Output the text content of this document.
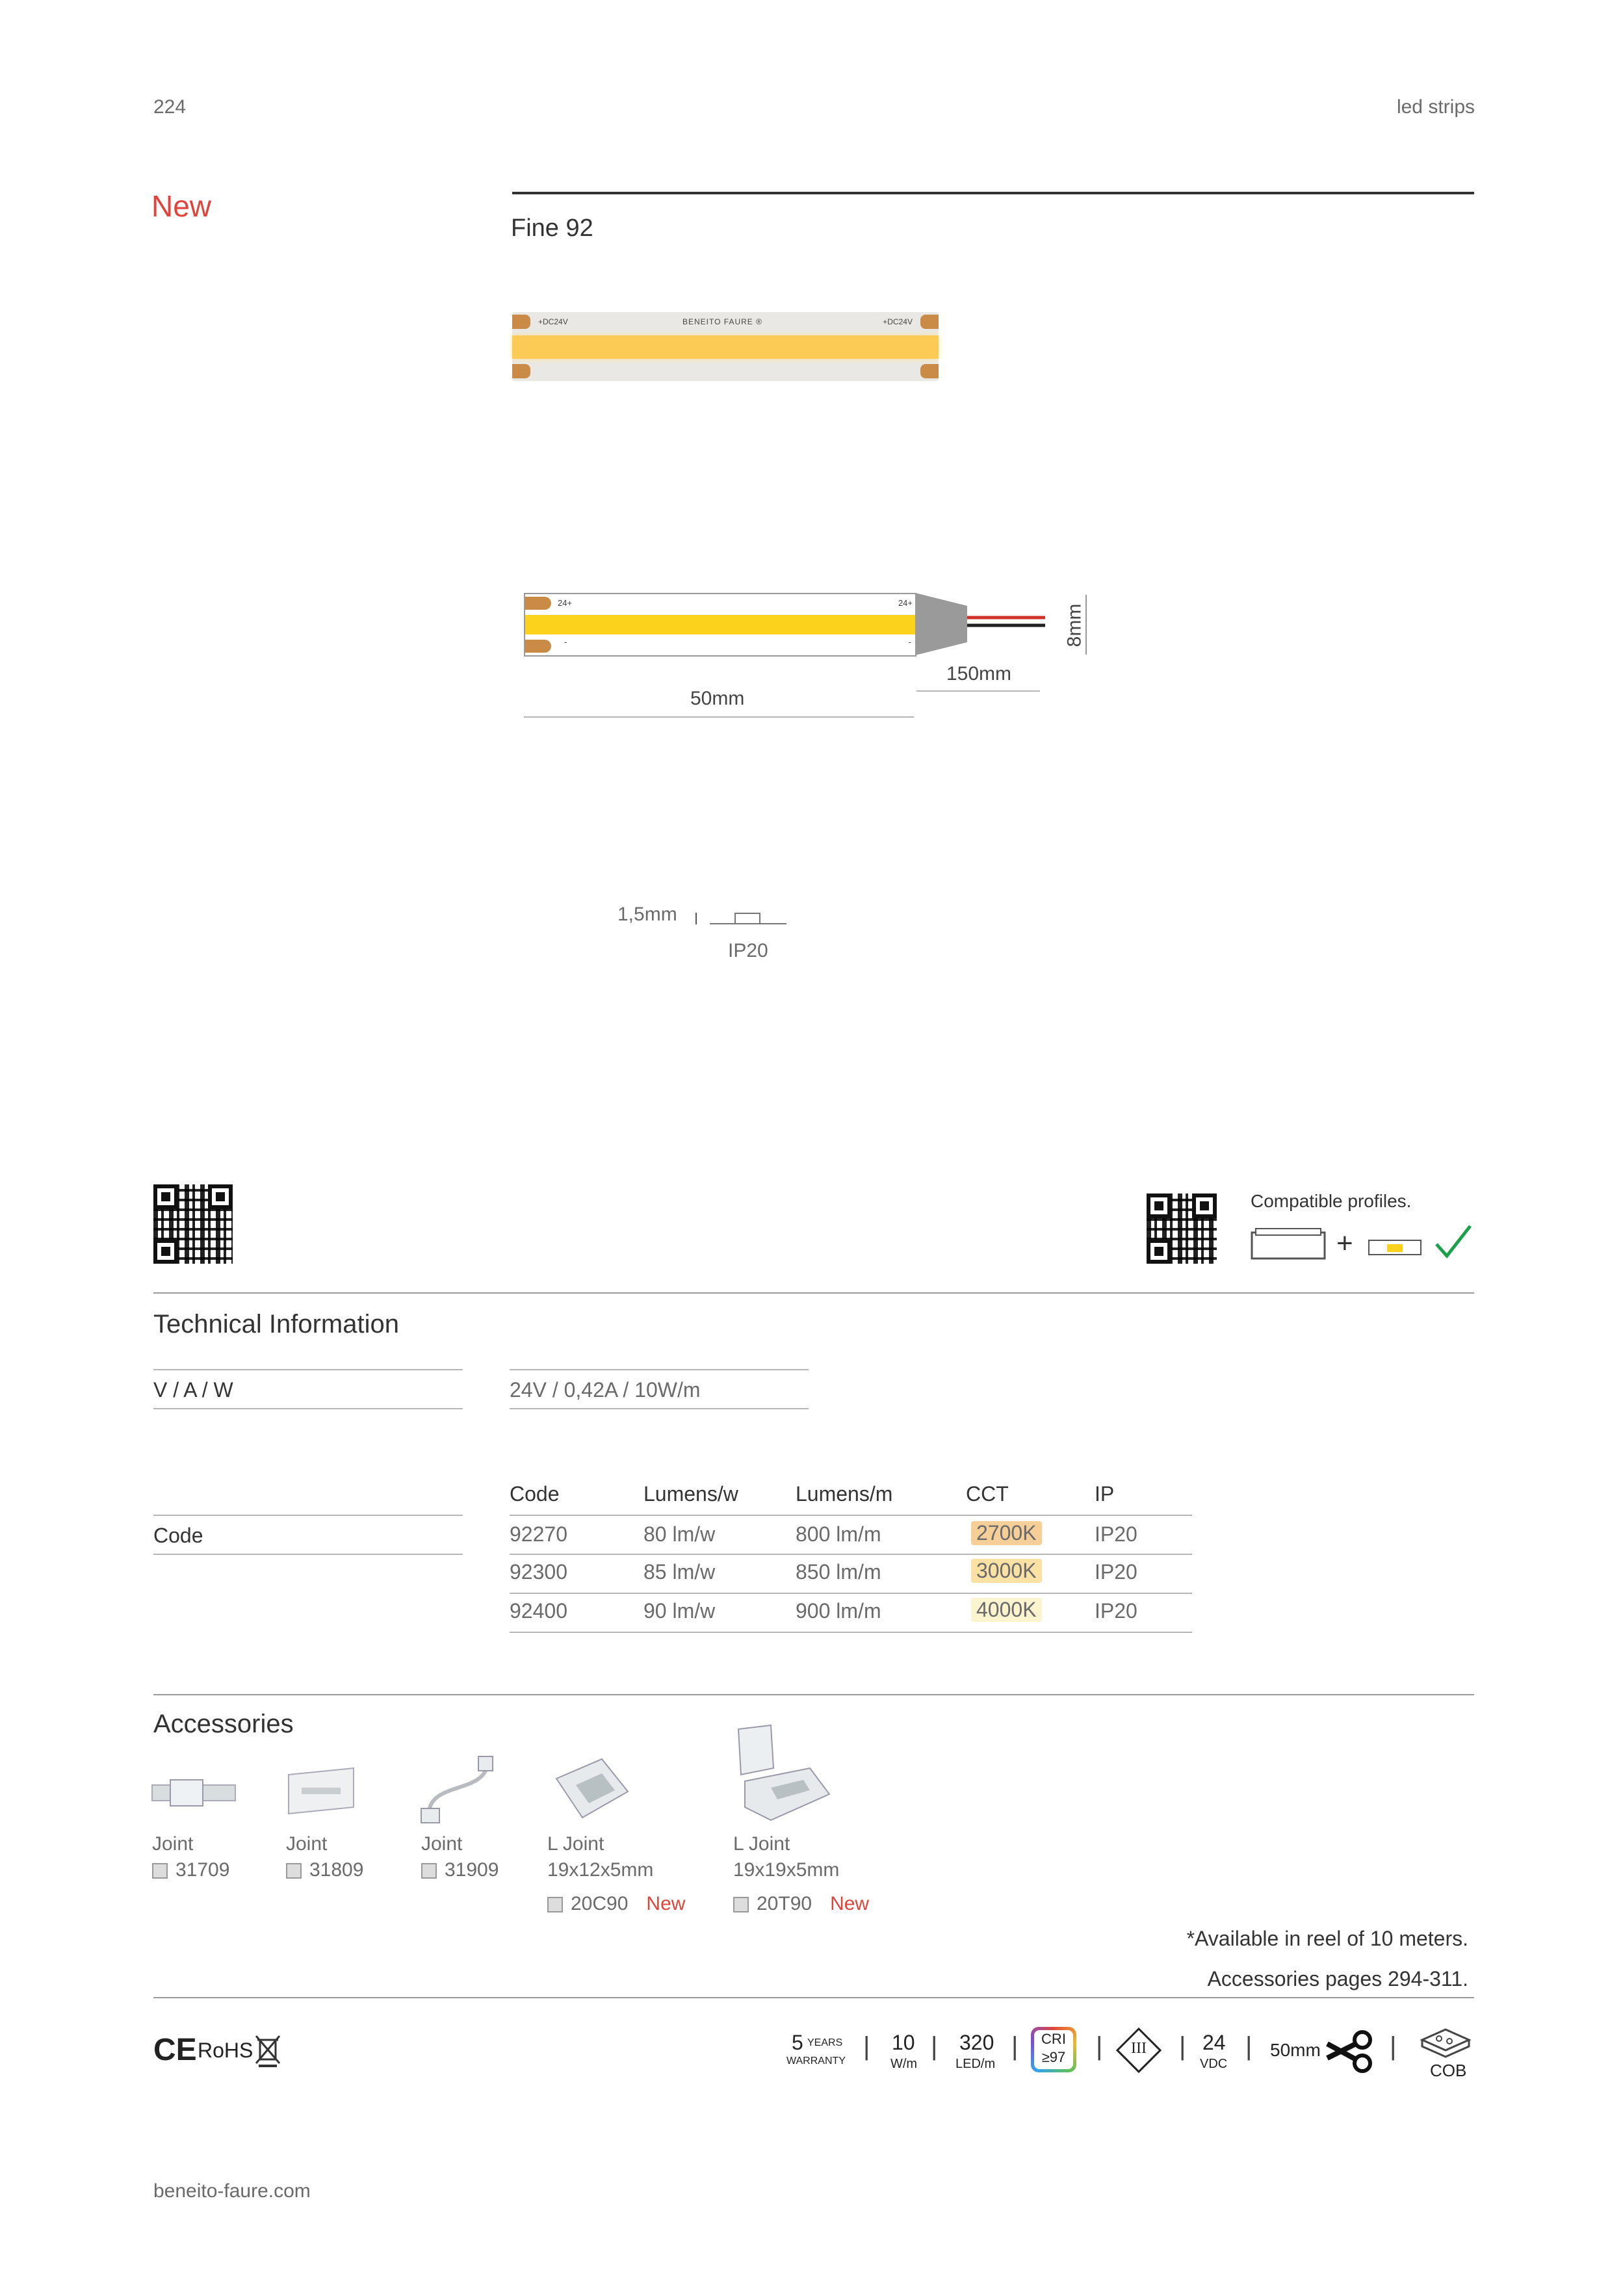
224	led strips
New
Fine 92
+DC24V	BENEITO FAURE ®	+DC24V
24+	24+
-	-	8mm
150mm
50mm
1,5mm
IP20
Compatible profiles.
+
Technical Information
V / A / W	24V / 0,42A / 10W/m
Code
Code	Lumens/w	Lumens/m	CCT	IP
92270	80 lm/w	800 lm/m	2700K	IP20
92300	85 lm/w	850 lm/m	3000K	IP20
92400	90 lm/w	900 lm/m	4000K	IP20
Accessories
Joint
31709
Joint
31809
Joint
31909
L Joint
19x12x5mm
20C90 New
L Joint
19x19x5mm
20T90 New
*Available in reel of 10 meters.
Accessories pages 294-311.
CE RoHS	5 YEARS
WARRANTY
| 10
W/m
| 320
LED/m
|	CRI
≥97 |	III | 24
VDC
| 50mm	|
COB
beneito-faure.com
